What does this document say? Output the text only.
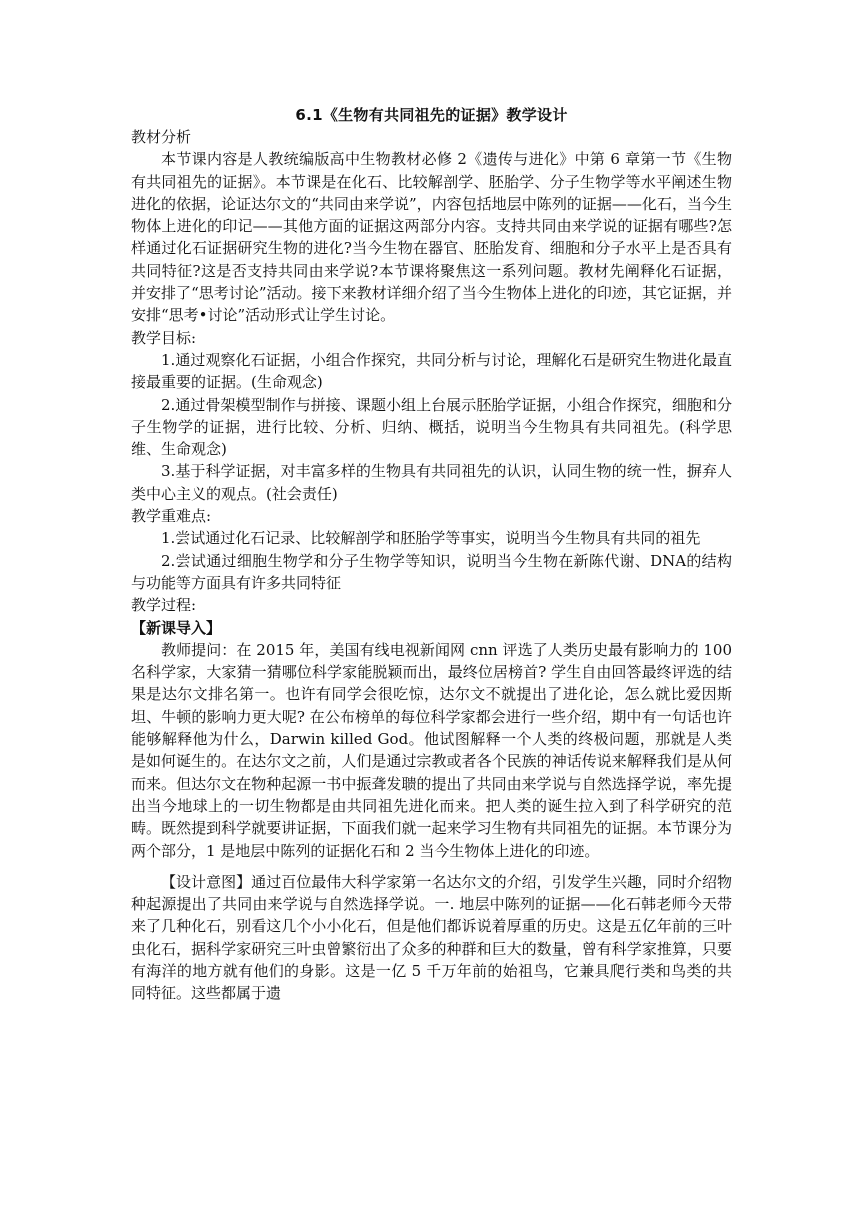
6.1《生物有共同祖先的证据》教学设计

教材分析

本节课内容是人教统编版高中生物教材必修 2《遗传与进化》中第 6 章第一节《生物有共同祖先的证据》。本节课是在化石、比较解剖学、胚胎学、分子生物学等水平阐述生物进化的依据，论证达尔文的“共同由来学说”，内容包括地层中陈列的证据——化石，当今生物体上进化的印记——其他方面的证据这两部分内容。支持共同由来学说的证据有哪些?怎样通过化石证据研究生物的进化?当今生物在器官、胚胎发育、细胞和分子水平上是否具有共同特征?这是否支持共同由来学说?本节课将聚焦这一系列问题。教材先阐释化石证据，并安排了“思考讨论”活动。接下来教材详细介绍了当今生物体上进化的印迹，其它证据，并安排“思考•讨论”活动形式让学生讨论。

教学目标:

1.通过观察化石证据，小组合作探究，共同分析与讨论，理解化石是研究生物进化最直接最重要的证据。(生命观念)

2.通过骨架模型制作与拼接、课题小组上台展示胚胎学证据，小组合作探究，细胞和分子生物学的证据，进行比较、分析、归纳、概括，说明当今生物具有共同祖先。(科学思维、生命观念)

3.基于科学证据，对丰富多样的生物具有共同祖先的认识，认同生物的统一性，摒弃人类中心主义的观点。(社会责任)

教学重难点:

1.尝试通过化石记录、比较解剖学和胚胎学等事实，说明当今生物具有共同的祖先

2.尝试通过细胞生物学和分子生物学等知识，说明当今生物在新陈代谢、DNA的结构与功能等方面具有许多共同特征

教学过程:

【新课导入】

教师提问：在 2015 年，美国有线电视新闻网 cnn 评选了人类历史最有影响力的 100 名科学家，大家猜一猜哪位科学家能脱颖而出，最终位居榜首? 学生自由回答最终评选的结果是达尔文排名第一。也许有同学会很吃惊，达尔文不就提出了进化论，怎么就比爱因斯坦、牛顿的影响力更大呢? 在公布榜单的每位科学家都会进行一些介绍，期中有一句话也许能够解释他为什么，Darwin killed God。他试图解释一个人类的终极问题，那就是人类是如何诞生的。在达尔文之前，人们是通过宗教或者各个民族的神话传说来解释我们是从何而来。但达尔文在物种起源一书中振聋发聩的提出了共同由来学说与自然选择学说，率先提出当今地球上的一切生物都是由共同祖先进化而来。把人类的诞生拉入到了科学研究的范畴。既然提到科学就要讲证据，下面我们就一起来学习生物有共同祖先的证据。本节课分为两个部分，1 是地层中陈列的证据化石和 2 当今生物体上进化的印迹。

【设计意图】通过百位最伟大科学家第一名达尔文的介绍，引发学生兴趣，同时介绍物种起源提出了共同由来学说与自然选择学说。一. 地层中陈列的证据——化石韩老师今天带来了几种化石，别看这几个小小化石，但是他们都诉说着厚重的历史。这是五亿年前的三叶虫化石，据科学家研究三叶虫曾繁衍出了众多的种群和巨大的数量，曾有科学家推算，只要有海洋的地方就有他们的身影。这是一亿 5 千万年前的始祖鸟，它兼具爬行类和鸟类的共同特征。这些都属于遗
